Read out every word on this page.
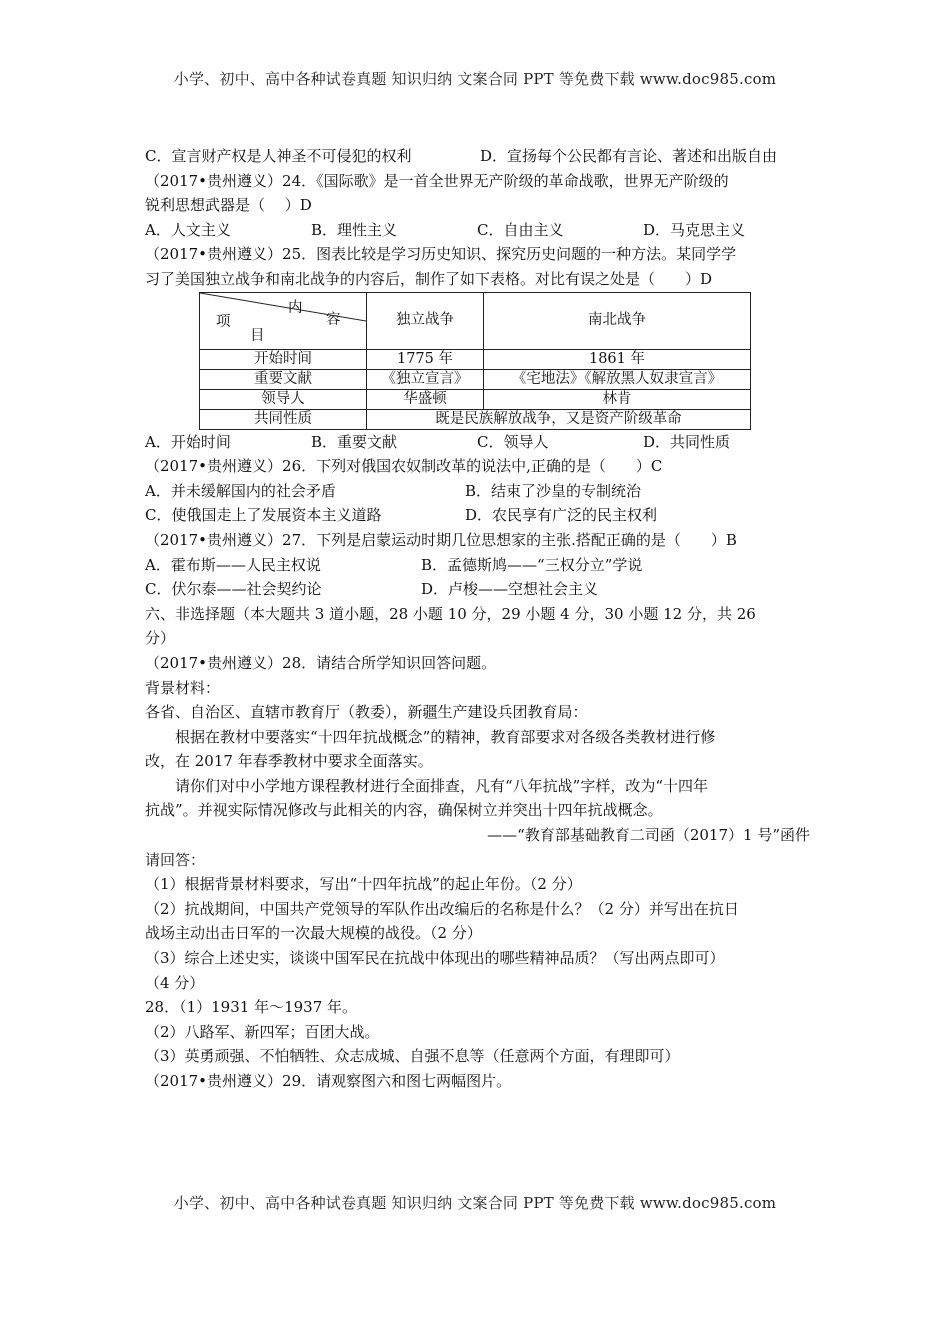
小学、初中、高中各种试卷真题 知识归纳 文案合同 PPT 等免费下载 www.doc985.com
C．宣言财产权是人神圣不可侵犯的权利	D．宣扬每个公民都有言论、著述和出版自由
（2017•贵州遵义）24．《国际歌》是一首全世界无产阶级的革命战歌，世界无产阶级的
锐利思想武器是（　 ）D
A．人文主义	B．理性主义	C．自由主义	D．马克思主义
（2017•贵州遵义）25．图表比较是学习历史知识、探究历史问题的一种方法。某同学学
习了美国独立战争和南北战争的内容后，制作了如下表格。对比有误之处是（　　）D
内
容
项
目	独立战争	南北战争
开始时间	1775 年	1861 年
重要文献	《独立宣言》	《宅地法》《解放黑人奴隶宣言》
领导人	华盛顿	林肯
共同性质	既是民族解放战争，又是资产阶级革命	
A．开始时间	B．重要文献	C．领导人	D．共同性质
（2017•贵州遵义）26．下列对俄国农奴制改革的说法中,正确的是（　　）C
A．并未缓解国内的社会矛盾	B．结束了沙皇的专制统治
C．使俄国走上了发展资本主义道路	D．农民享有广泛的民主权利
（2017•贵州遵义）27．下列是启蒙运动时期几位思想家的主张.搭配正确的是（　　）B
A．霍布斯——人民主权说	B．孟德斯鸠——“三权分立”学说
C．伏尔泰——社会契约论	D．卢梭——空想社会主义
六、非选择题（本大题共 3 道小题，28 小题 10 分，29 小题 4 分，30 小题 12 分，共 26
分）
（2017•贵州遵义）28．请结合所学知识回答问题。
背景材料：
各省、自治区、直辖市教育厅（教委），新疆生产建设兵团教育局：
根据在教材中要落实“十四年抗战概念”的精神，教育部要求对各级各类教材进行修
改，在 2017 年春季教材中要求全面落实。
请你们对中小学地方课程教材进行全面排查，凡有“八年抗战”字样，改为“十四年
抗战”。并视实际情况修改与此相关的内容，确保树立并突出十四年抗战概念。
——“教育部基础教育二司函（2017）1 号”函件
请回答：
（1）根据背景材料要求，写出“十四年抗战”的起止年份。（2 分）
（2）抗战期间，中国共产党领导的军队作出改编后的名称是什么？（2 分）并写出在抗日
战场主动出击日军的一次最大规模的战役。（2 分）
（3）综合上述史实，谈谈中国军民在抗战中体现出的哪些精神品质？（写出两点即可）
（4 分）
28．（1）1931 年～1937 年。
（2）八路军、新四军；百团大战。
（3）英勇顽强、不怕牺牲、众志成城、自强不息等（任意两个方面，有理即可）
（2017•贵州遵义）29．请观察图六和图七两幅图片。
小学、初中、高中各种试卷真题 知识归纳 文案合同 PPT 等免费下载 www.doc985.com
